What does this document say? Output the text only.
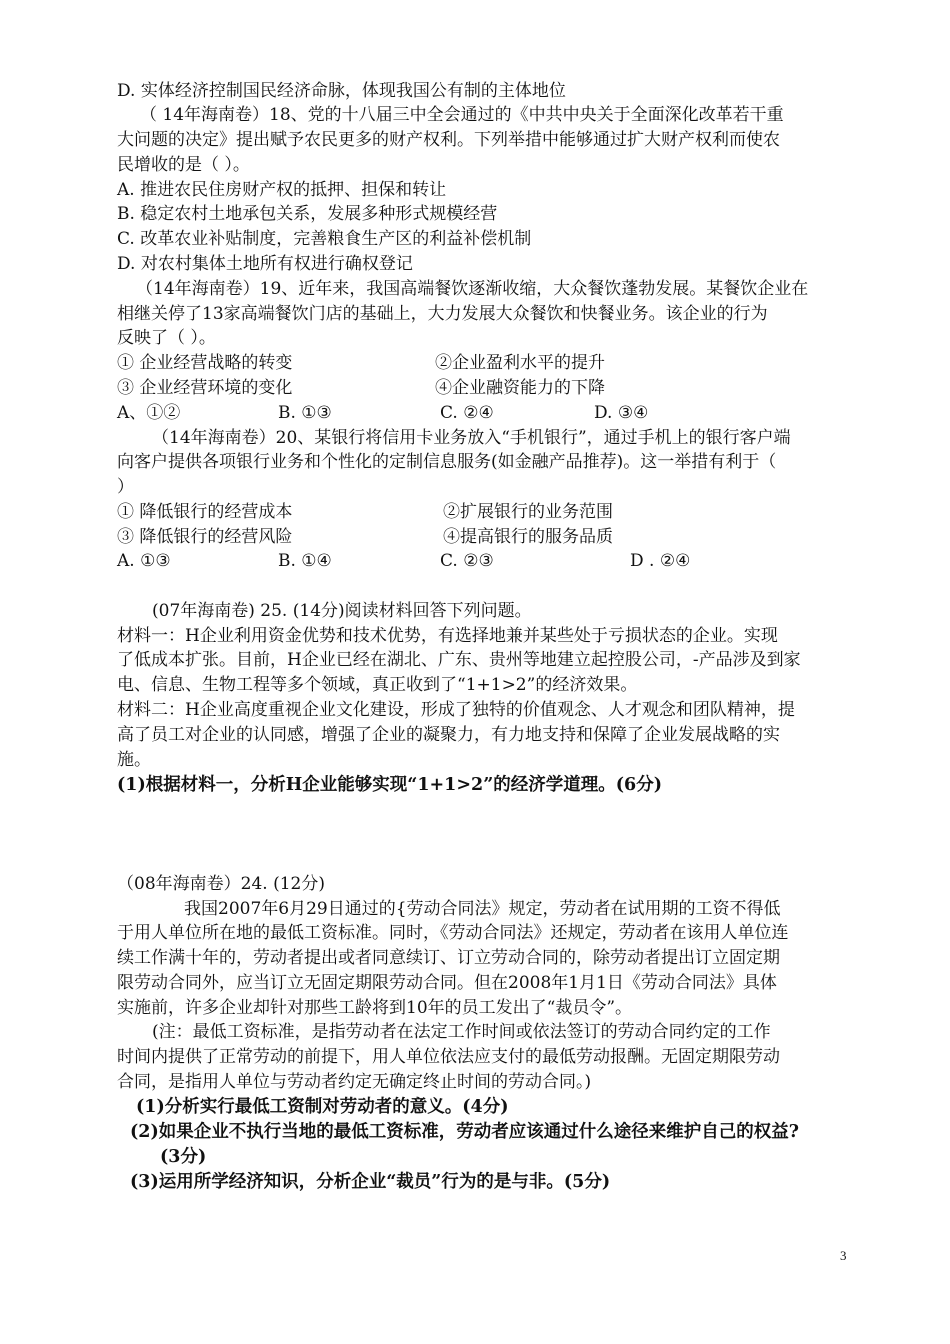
D. 实体经济控制国民经济命脉，体现我国公有制的主体地位
（ 14年海南卷）18、党的十八届三中全会通过的《中共中央关于全面深化改革若干重
大问题的决定》提出赋予农民更多的财产权利。下列举措中能够通过扩大财产权利而使农
民增收的是（ ）。
A. 推进农民住房财产权的抵押、担保和转让
B. 稳定农村土地承包关系，发展多种形式规模经营
C. 改革农业补贴制度，完善粮食生产区的利益补偿机制
D. 对农村集体土地所有权进行确权登记
（14年海南卷）19、近年来，我国高端餐饮逐渐收缩，大众餐饮蓬勃发展。某餐饮企业在
相继关停了13家高端餐饮门店的基础上，大力发展大众餐饮和快餐业务。该企业的行为
反映了（ ）。
① 企业经营战略的转变	②企业盈利水平的提升
③ 企业经营环境的变化	④企业融资能力的下降
A、①②	B. ①③	C. ②④	D. ③④
（14年海南卷）20、某银行将信用卡业务放入“手机银行”，通过手机上的银行客户端
向客户提供各项银行业务和个性化的定制信息服务(如金融产品推荐)。这一举措有利于（
）
① 降低银行的经营成本	②扩展银行的业务范围
③ 降低银行的经营风险	④提高银行的服务品质
A. ①③	B. ①④	C. ②③	D . ②④
(07年海南卷) 25. (14分)阅读材料回答下列问题。
材料一：H企业利用资金优势和技术优势，有选择地兼并某些处于亏损状态的企业。实现
了低成本扩张。目前，H企业已经在湖北、广东、贵州等地建立起控股公司，-产品涉及到家
电、信息、生物工程等多个领域，真正收到了“1+1>2”的经济效果。
材料二：H企业高度重视企业文化建设，形成了独特的价值观念、人才观念和团队精神，提
高了员工对企业的认同感，增强了企业的凝聚力，有力地支持和保障了企业发展战略的实
施。
(1)根据材料一，分析H企业能够实现“1+1>2”的经济学道理。(6分)
（08年海南卷）24. (12分)
我国2007年6月29日通过的{劳动合同法》规定，劳动者在试用期的工资不得低
于用人单位所在地的最低工资标准。同时，《劳动合同法》还规定，劳动者在该用人单位连
续工作满十年的，劳动者提出或者同意续订、订立劳动合同的，除劳动者提出订立固定期
限劳动合同外，应当订立无固定期限劳动合同。但在2008年1月1日《劳动合同法》具体
实施前，许多企业却针对那些工龄将到10年的员工发出了“裁员令”。
(注：最低工资标准，是指劳动者在法定工作时间或依法签订的劳动合同约定的工作
时间内提供了正常劳动的前提下，用人单位依法应支付的最低劳动报酬。无固定期限劳动
合同，是指用人单位与劳动者约定无确定终止时间的劳动合同。)
(1)分析实行最低工资制对劳动者的意义。(4分)
(2)如果企业不执行当地的最低工资标准，劳动者应该通过什么途径来维护自己的权益?
(3分)
(3)运用所学经济知识，分析企业“裁员”行为的是与非。(5分)
3
